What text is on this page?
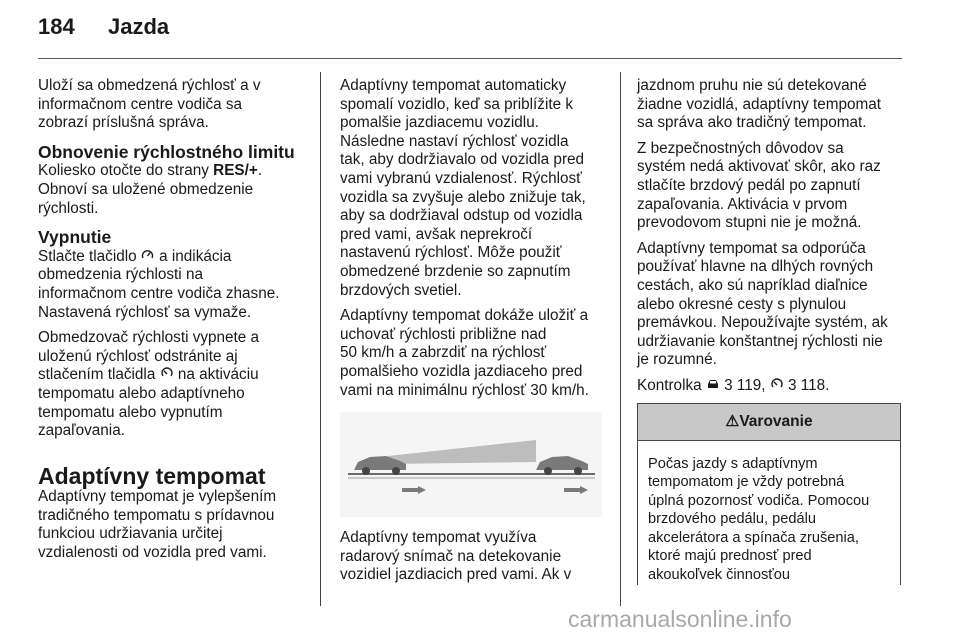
184 Jazda

Uloží sa obmedzená rýchlosť a v
informačnom centre vodiča sa
zobrazí príslušná správa.

Obnovenie rýchlostného limitu

Koliesko otočte do strany RES/+.
Obnoví sa uložené obmedzenie
rýchlosti.

Vypnutie

Stlačte tlačidlo  a indikácia
obmedzenia rýchlosti na
informačnom centre vodiča zhasne.
Nastavená rýchlosť sa vymaže.

Obmedzovač rýchlosti vypnete a
uloženú rýchlosť odstránite aj
stlačením tlačidla  na aktiváciu
tempomatu alebo adaptívneho
tempomatu alebo vypnutím
zapaľovania.

Adaptívny tempomat

Adaptívny tempomat je vylepšením
tradičného tempomatu s prídavnou
funkciou udržiavania určitej
vzdialenosti od vozidla pred vami.

Adaptívny tempomat automaticky
spomalí vozidlo, keď sa priblížite k
pomalšie jazdiacemu vozidlu.
Následne nastaví rýchlosť vozidla
tak, aby dodržiavalo od vozidla pred
vami vybranú vzdialenosť. Rýchlosť
vozidla sa zvyšuje alebo znižuje tak,
aby sa dodržiaval odstup od vozidla
pred vami, avšak neprekročí
nastavenú rýchlosť. Môže použiť
obmedzené brzdenie so zapnutím
brzdových svetiel.

Adaptívny tempomat dokáže uložiť a
uchovať rýchlosti približne nad
50 km/h a zabrzdiť na rýchlosť
pomalšieho vozidla jazdiaceho pred
vami na minimálnu rýchlosť 30 km/h.

Adaptívny tempomat využíva
radarový snímač na detekovanie
vozidiel jazdiacich pred vami. Ak v

jazdnom pruhu nie sú detekované
žiadne vozidlá, adaptívny tempomat
sa správa ako tradičný tempomat.

Z bezpečnostných dôvodov sa
systém nedá aktivovať skôr, ako raz
stlačíte brzdový pedál po zapnutí
zapaľovania. Aktivácia v prvom
prevodovom stupni nie je možná.

Adaptívny tempomat sa odporúča
používať hlavne na dlhých rovných
cestách, ako sú napríklad diaľnice
alebo okresné cesty s plynulou
premávkou. Nepoužívajte systém, ak
udržiavanie konštantnej rýchlosti nie
je rozumné.

Kontrolka  3 119,  3 118.

⚠Varovanie

Počas jazdy s adaptívnym

tempomatom je vždy potrebná

úplná pozornosť vodiča. Pomocou

brzdového pedálu, pedálu

akcelerátora a spínača zrušenia,

ktoré majú prednosť pred

akoukoľvek činnosťou

carmanualsonline.info
